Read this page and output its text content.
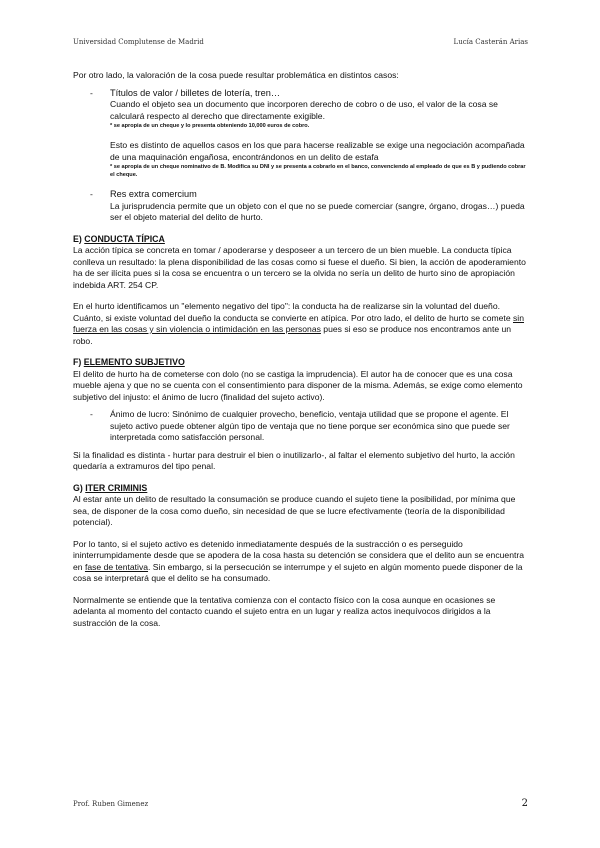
Universidad Complutense de Madrid	Lucía Casterán Arias

Por otro lado, la valoración de la cosa puede resultar problemática en distintos casos:

- Títulos de valor / billetes de lotería, tren…

Cuando el objeto sea un documento que incorporen derecho de cobro o de uso, el valor de la cosa se calculará respecto al derecho que directamente exigible.

* se apropia de un cheque y lo presenta obteniendo 10,000 euros de cobro.

Esto es distinto de aquellos casos en los que para hacerse realizable se exige una negociación acompañada de una maquinación engañosa, encontrándonos en un delito de estafa

* se apropia de un cheque nominativo de B. Modifica su DNI y se presenta a cobrarlo en el banco, convenciendo al empleado de que es B y pudiendo cobrar el cheque.

- Res extra comercium

La jurisprudencia permite que un objeto con el que no se puede comerciar (sangre, órgano, drogas…) pueda ser el objeto material del delito de hurto.

E) CONDUCTA TÍPICA

La acción típica se concreta en tomar / apoderarse y desposeer a un tercero de un bien mueble. La conducta típica conlleva un resultado: la plena disponibilidad de las cosas como si fuese el dueño. Si bien, la acción de apoderamiento ha de ser ilícita pues si la cosa se encuentra o un tercero se la olvida no sería un delito de hurto sino de apropiación indebida ART. 254 CP.

En el hurto identificamos un "elemento negativo del tipo": la conducta ha de realizarse sin la voluntad del dueño. Cuánto, si existe voluntad del dueño la conducta se convierte en atípica. Por otro lado, el delito de hurto se comete sin fuerza en las cosas y sin violencia o intimidación en las personas pues si eso se produce nos encontramos ante un robo.

F) ELEMENTO SUBJETIVO

El delito de hurto ha de cometerse con dolo (no se castiga la imprudencia). El autor ha de conocer que es una cosa mueble ajena y que no se cuenta con el consentimiento para disponer de la misma. Además, se exige como elemento subjetivo del injusto: el ánimo de lucro (finalidad del sujeto activo).

- Ánimo de lucro: Sinónimo de cualquier provecho, beneficio, ventaja utilidad que se propone el agente. El sujeto activo puede obtener algún tipo de ventaja que no tiene porque ser económica sino que puede ser interpretada como satisfacción personal.

Si la finalidad es distinta - hurtar para destruir el bien o inutilizarlo-, al faltar el elemento subjetivo del hurto, la acción quedaría a extramuros del tipo penal.

G) ITER CRIMINIS

Al estar ante un delito de resultado la consumación se produce cuando el sujeto tiene la posibilidad, por mínima que sea, de disponer de la cosa como dueño, sin necesidad de que se lucre efectivamente (teoría de la disponibilidad potencial).

Por lo tanto, si el sujeto activo es detenido inmediatamente después de la sustracción o es perseguido ininterrumpidamente desde que se apodera de la cosa hasta su detención se considera que el delito aun se encuentra en fase de tentativa. Sin embargo, si la persecución se interrumpe y el sujeto en algún momento puede disponer de la cosa se interpretará que el delito se ha consumado.

Normalmente se entiende que la tentativa comienza con el contacto físico con la cosa aunque en ocasiones se adelanta al momento del contacto cuando el sujeto entra en un lugar y realiza actos inequívocos dirigidos a la sustracción de la cosa.

Prof. Ruben Gimenez	2
